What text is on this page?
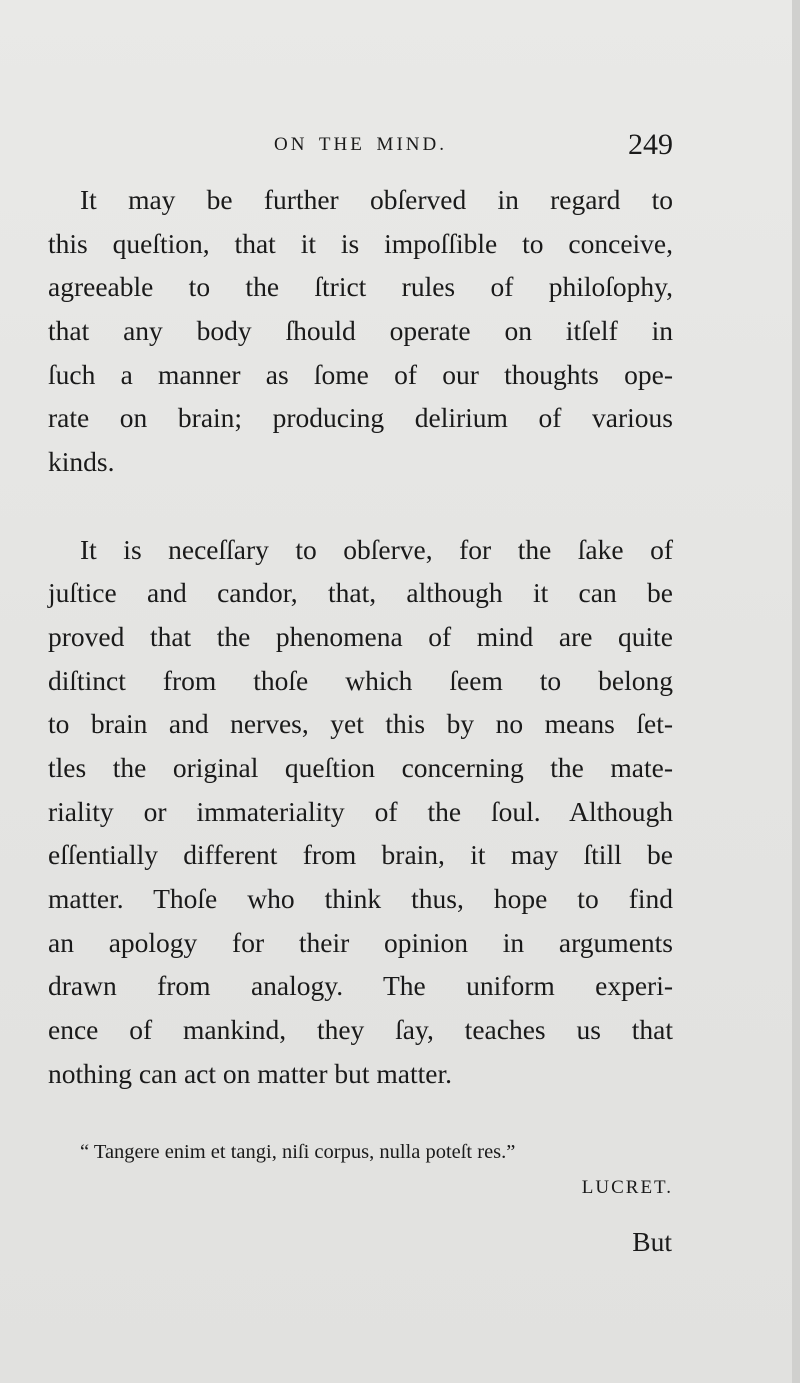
ON THE MIND.	249
It may be further obſerved in regard to
this queſtion, that it is impoſſible to conceive,
agreeable to the ſtrict rules of philoſophy,
that any body ſhould operate on itſelf in
ſuch a manner as ſome of our thoughts ope-
rate on brain; producing delirium of various
kinds.
It is neceſſary to obſerve, for the ſake of
juſtice and candor, that, although it can be
proved that the phenomena of mind are quite
diſtinct from thoſe which ſeem to belong
to brain and nerves, yet this by no means ſet-
tles the original queſtion concerning the mate-
riality or immateriality of the ſoul. Although
eſſentially different from brain, it may ſtill be
matter. Thoſe who think thus, hope to find
an apology for their opinion in arguments
drawn from analogy. The uniform experi-
ence of mankind, they ſay, teaches us that
nothing can act on matter but matter.
“ Tangere enim et tangi, niſi corpus, nulla poteſt res.”
LUCRET.
But
